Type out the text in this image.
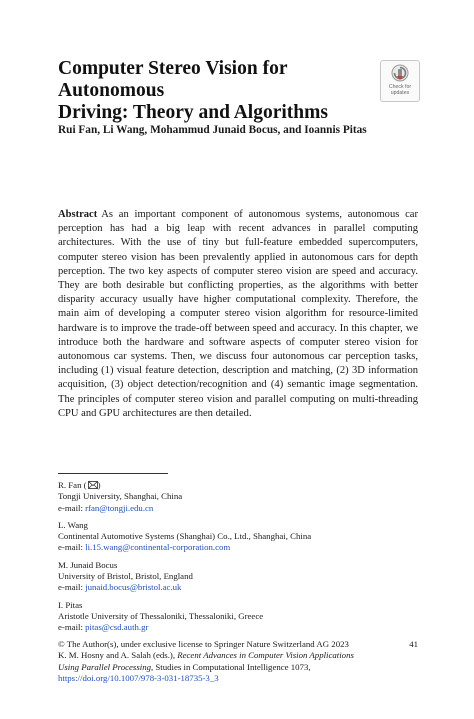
Computer Stereo Vision for Autonomous
Driving: Theory and Algorithms
Check for
updates
Rui Fan, Li Wang, Mohammud Junaid Bocus, and Ioannis Pitas
Abstract As an important component of autonomous systems, autonomous car perception has had a big leap with recent advances in parallel computing architectures. With the use of tiny but full-feature embedded supercomputers, computer stereo vision has been prevalently applied in autonomous cars for depth perception. The two key aspects of computer stereo vision are speed and accuracy. They are both desirable but conflicting properties, as the algorithms with better disparity accuracy usually have higher computational complexity. Therefore, the main aim of developing a computer stereo vision algorithm for resource-limited hardware is to improve the trade-off between speed and accuracy. In this chapter, we introduce both the hardware and software aspects of computer stereo vision for autonomous car systems. Then, we discuss four autonomous car perception tasks, including (1) visual feature detection, description and matching, (2) 3D information acquisition, (3) object detection/recognition and (4) semantic image segmentation. The principles of computer stereo vision and parallel computing on multi-threading CPU and GPU architectures are then detailed.
R. Fan ( )
Tongji University, Shanghai, China
e-mail: rfan@tongji.edu.cn
L. Wang
Continental Automotive Systems (Shanghai) Co., Ltd., Shanghai, China
e-mail: li.15.wang@continental-corporation.com
M. Junaid Bocus
University of Bristol, Bristol, England
e-mail: junaid.bocus@bristol.ac.uk
I. Pitas
Aristotle University of Thessaloniki, Thessaloniki, Greece
e-mail: pitas@csd.auth.gr
© The Author(s), under exclusive license to Springer Nature Switzerland AG 2023
K. M. Hosny and A. Salah (eds.), Recent Advances in Computer Vision Applications
Using Parallel Processing, Studies in Computational Intelligence 1073,
https://doi.org/10.1007/978-3-031-18735-3_3
41
